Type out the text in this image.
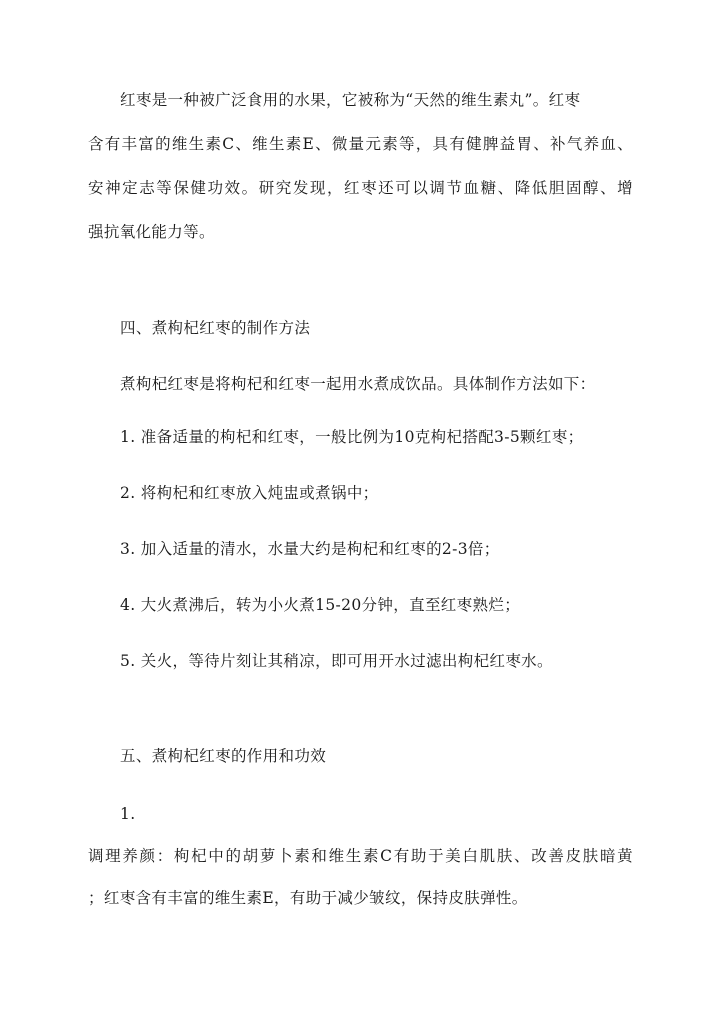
红枣是一种被广泛食用的水果，它被称为“天然的维生素丸”。红枣
含有丰富的维生素C、维生素E、微量元素等，具有健脾益胃、补气养血、
安神定志等保健功效。研究发现，红枣还可以调节血糖、降低胆固醇、增
强抗氧化能力等。
四、煮枸杞红枣的制作方法
煮枸杞红枣是将枸杞和红枣一起用水煮成饮品。具体制作方法如下：
1. 准备适量的枸杞和红枣，一般比例为10克枸杞搭配3-5颗红枣；
2. 将枸杞和红枣放入炖盅或煮锅中；
3. 加入适量的清水，水量大约是枸杞和红枣的2-3倍；
4. 大火煮沸后，转为小火煮15-20分钟，直至红枣熟烂；
5. 关火，等待片刻让其稍凉，即可用开水过滤出枸杞红枣水。
五、煮枸杞红枣的作用和功效
1.
调理养颜：枸杞中的胡萝卜素和维生素C有助于美白肌肤、改善皮肤暗黄
；红枣含有丰富的维生素E，有助于减少皱纹，保持皮肤弹性。
